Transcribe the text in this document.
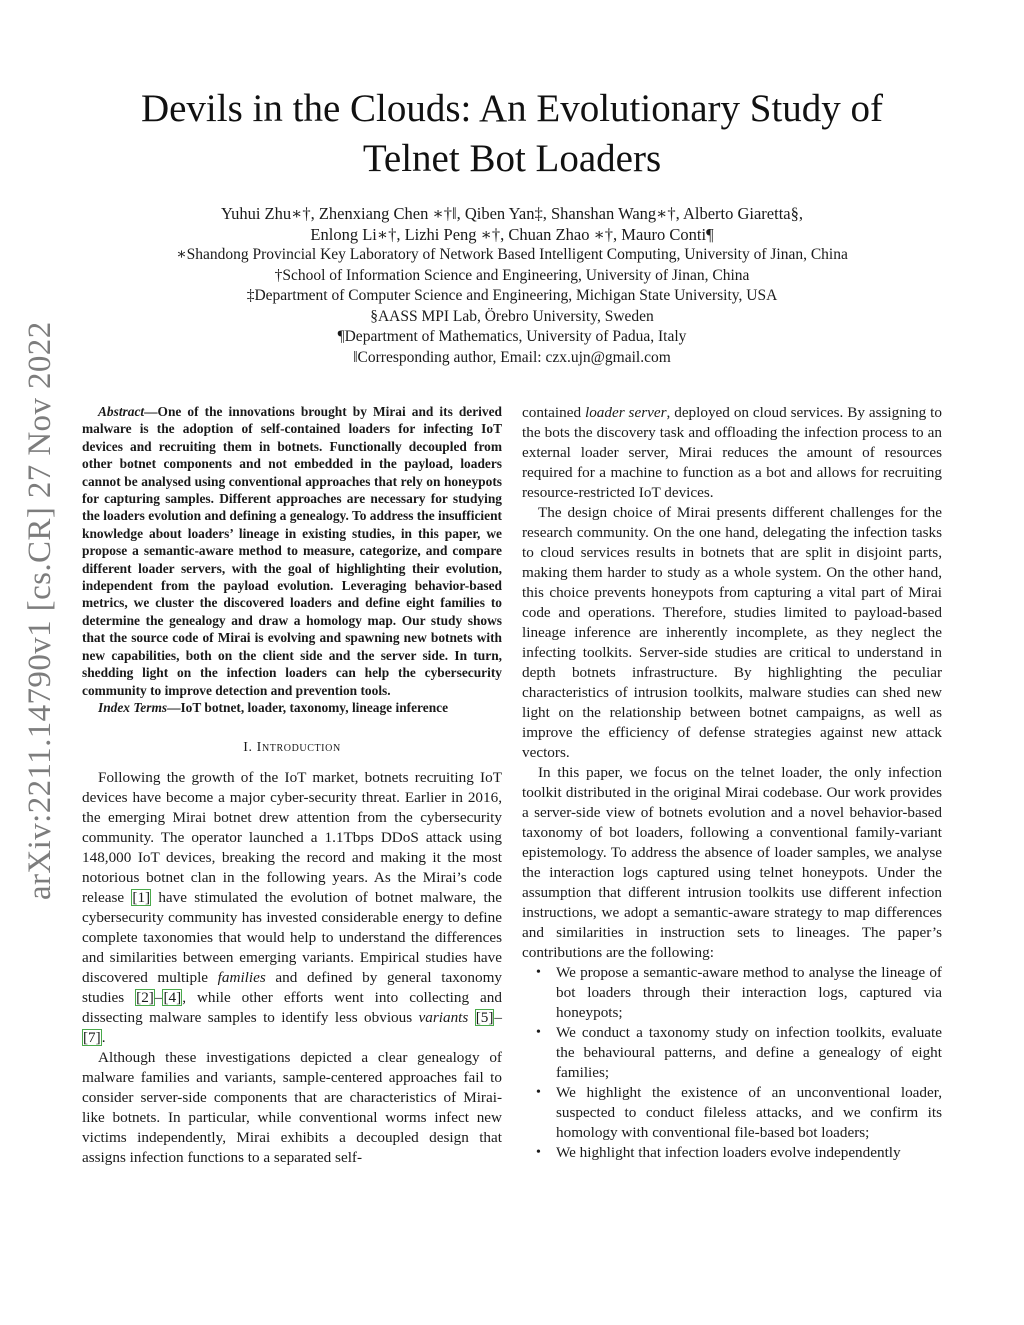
arXiv:2211.14790v1 [cs.CR] 27 Nov 2022
Devils in the Clouds: An Evolutionary Study of
Telnet Bot Loaders
Yuhui Zhu∗†, Zhenxiang Chen ∗†‖, Qiben Yan‡, Shanshan Wang∗†, Alberto Giaretta§,
Enlong Li∗†, Lizhi Peng ∗†, Chuan Zhao ∗†, Mauro Conti¶
∗Shandong Provincial Key Laboratory of Network Based Intelligent Computing, University of Jinan, China
†School of Information Science and Engineering, University of Jinan, China
‡Department of Computer Science and Engineering, Michigan State University, USA
§AASS MPI Lab, Örebro University, Sweden
¶Department of Mathematics, University of Padua, Italy
‖Corresponding author, Email: czx.ujn@gmail.com

Abstract—One of the innovations brought by Mirai and its derived malware is the adoption of self-contained loaders for infecting IoT devices and recruiting them in botnets. Functionally decoupled from other botnet components and not embedded in the payload, loaders cannot be analysed using conventional approaches that rely on honeypots for capturing samples. Different approaches are necessary for studying the loaders evolution and defining a genealogy. To address the insufficient knowledge about loaders’ lineage in existing studies, in this paper, we propose a semantic-aware method to measure, categorize, and compare different loader servers, with the goal of highlighting their evolution, independent from the payload evolution. Leveraging behavior-based metrics, we cluster the discovered loaders and define eight families to determine the genealogy and draw a homology map. Our study shows that the source code of Mirai is evolving and spawning new botnets with new capabilities, both on the client side and the server side. In turn, shedding light on the infection loaders can help the cybersecurity community to improve detection and prevention tools.

Index Terms—IoT botnet, loader, taxonomy, lineage inference

I. Introduction

Following the growth of the IoT market, botnets recruiting IoT devices have become a major cyber-security threat. Earlier in 2016, the emerging Mirai botnet drew attention from the cybersecurity community. The operator launched a 1.1Tbps DDoS attack using 148,000 IoT devices, breaking the record and making it the most notorious botnet clan in the following years. As the Mirai’s code release [1] have stimulated the evolution of botnet malware, the cybersecurity community has invested considerable energy to define complete taxonomies that would help to understand the differences and similarities between emerging variants. Empirical studies have discovered multiple families and defined by general taxonomy studies [2]–[4], while other efforts went into collecting and dissecting malware samples to identify less obvious variants [5]–[7].

Although these investigations depicted a clear genealogy of malware families and variants, sample-centered approaches fail to consider server-side components that are characteristics of Mirai-like botnets. In particular, while conventional worms infect new victims independently, Mirai exhibits a decoupled design that assigns infection functions to a separated self-

contained loader server, deployed on cloud services. By assigning to the bots the discovery task and offloading the infection process to an external loader server, Mirai reduces the amount of resources required for a machine to function as a bot and allows for recruiting resource-restricted IoT devices.

The design choice of Mirai presents different challenges for the research community. On the one hand, delegating the infection tasks to cloud services results in botnets that are split in disjoint parts, making them harder to study as a whole system. On the other hand, this choice prevents honeypots from capturing a vital part of Mirai code and operations. Therefore, studies limited to payload-based lineage inference are inherently incomplete, as they neglect the infecting toolkits. Server-side studies are critical to understand in depth botnets infrastructure. By highlighting the peculiar characteristics of intrusion toolkits, malware studies can shed new light on the relationship between botnet campaigns, as well as improve the efficiency of defense strategies against new attack vectors.

In this paper, we focus on the telnet loader, the only infection toolkit distributed in the original Mirai codebase. Our work provides a server-side view of botnets evolution and a novel behavior-based taxonomy of bot loaders, following a conventional family-variant epistemology. To address the absence of loader samples, we analyse the interaction logs captured using telnet honeypots. Under the assumption that different intrusion toolkits use different infection instructions, we adopt a semantic-aware strategy to map differences and similarities in instruction sets to lineages. The paper’s contributions are the following:

• We propose a semantic-aware method to analyse the lineage of bot loaders through their interaction logs, captured via honeypots;
• We conduct a taxonomy study on infection toolkits, evaluate the behavioural patterns, and define a genealogy of eight families;
• We highlight the existence of an unconventional loader, suspected to conduct fileless attacks, and we confirm its homology with conventional file-based bot loaders;
• We highlight that infection loaders evolve independently
